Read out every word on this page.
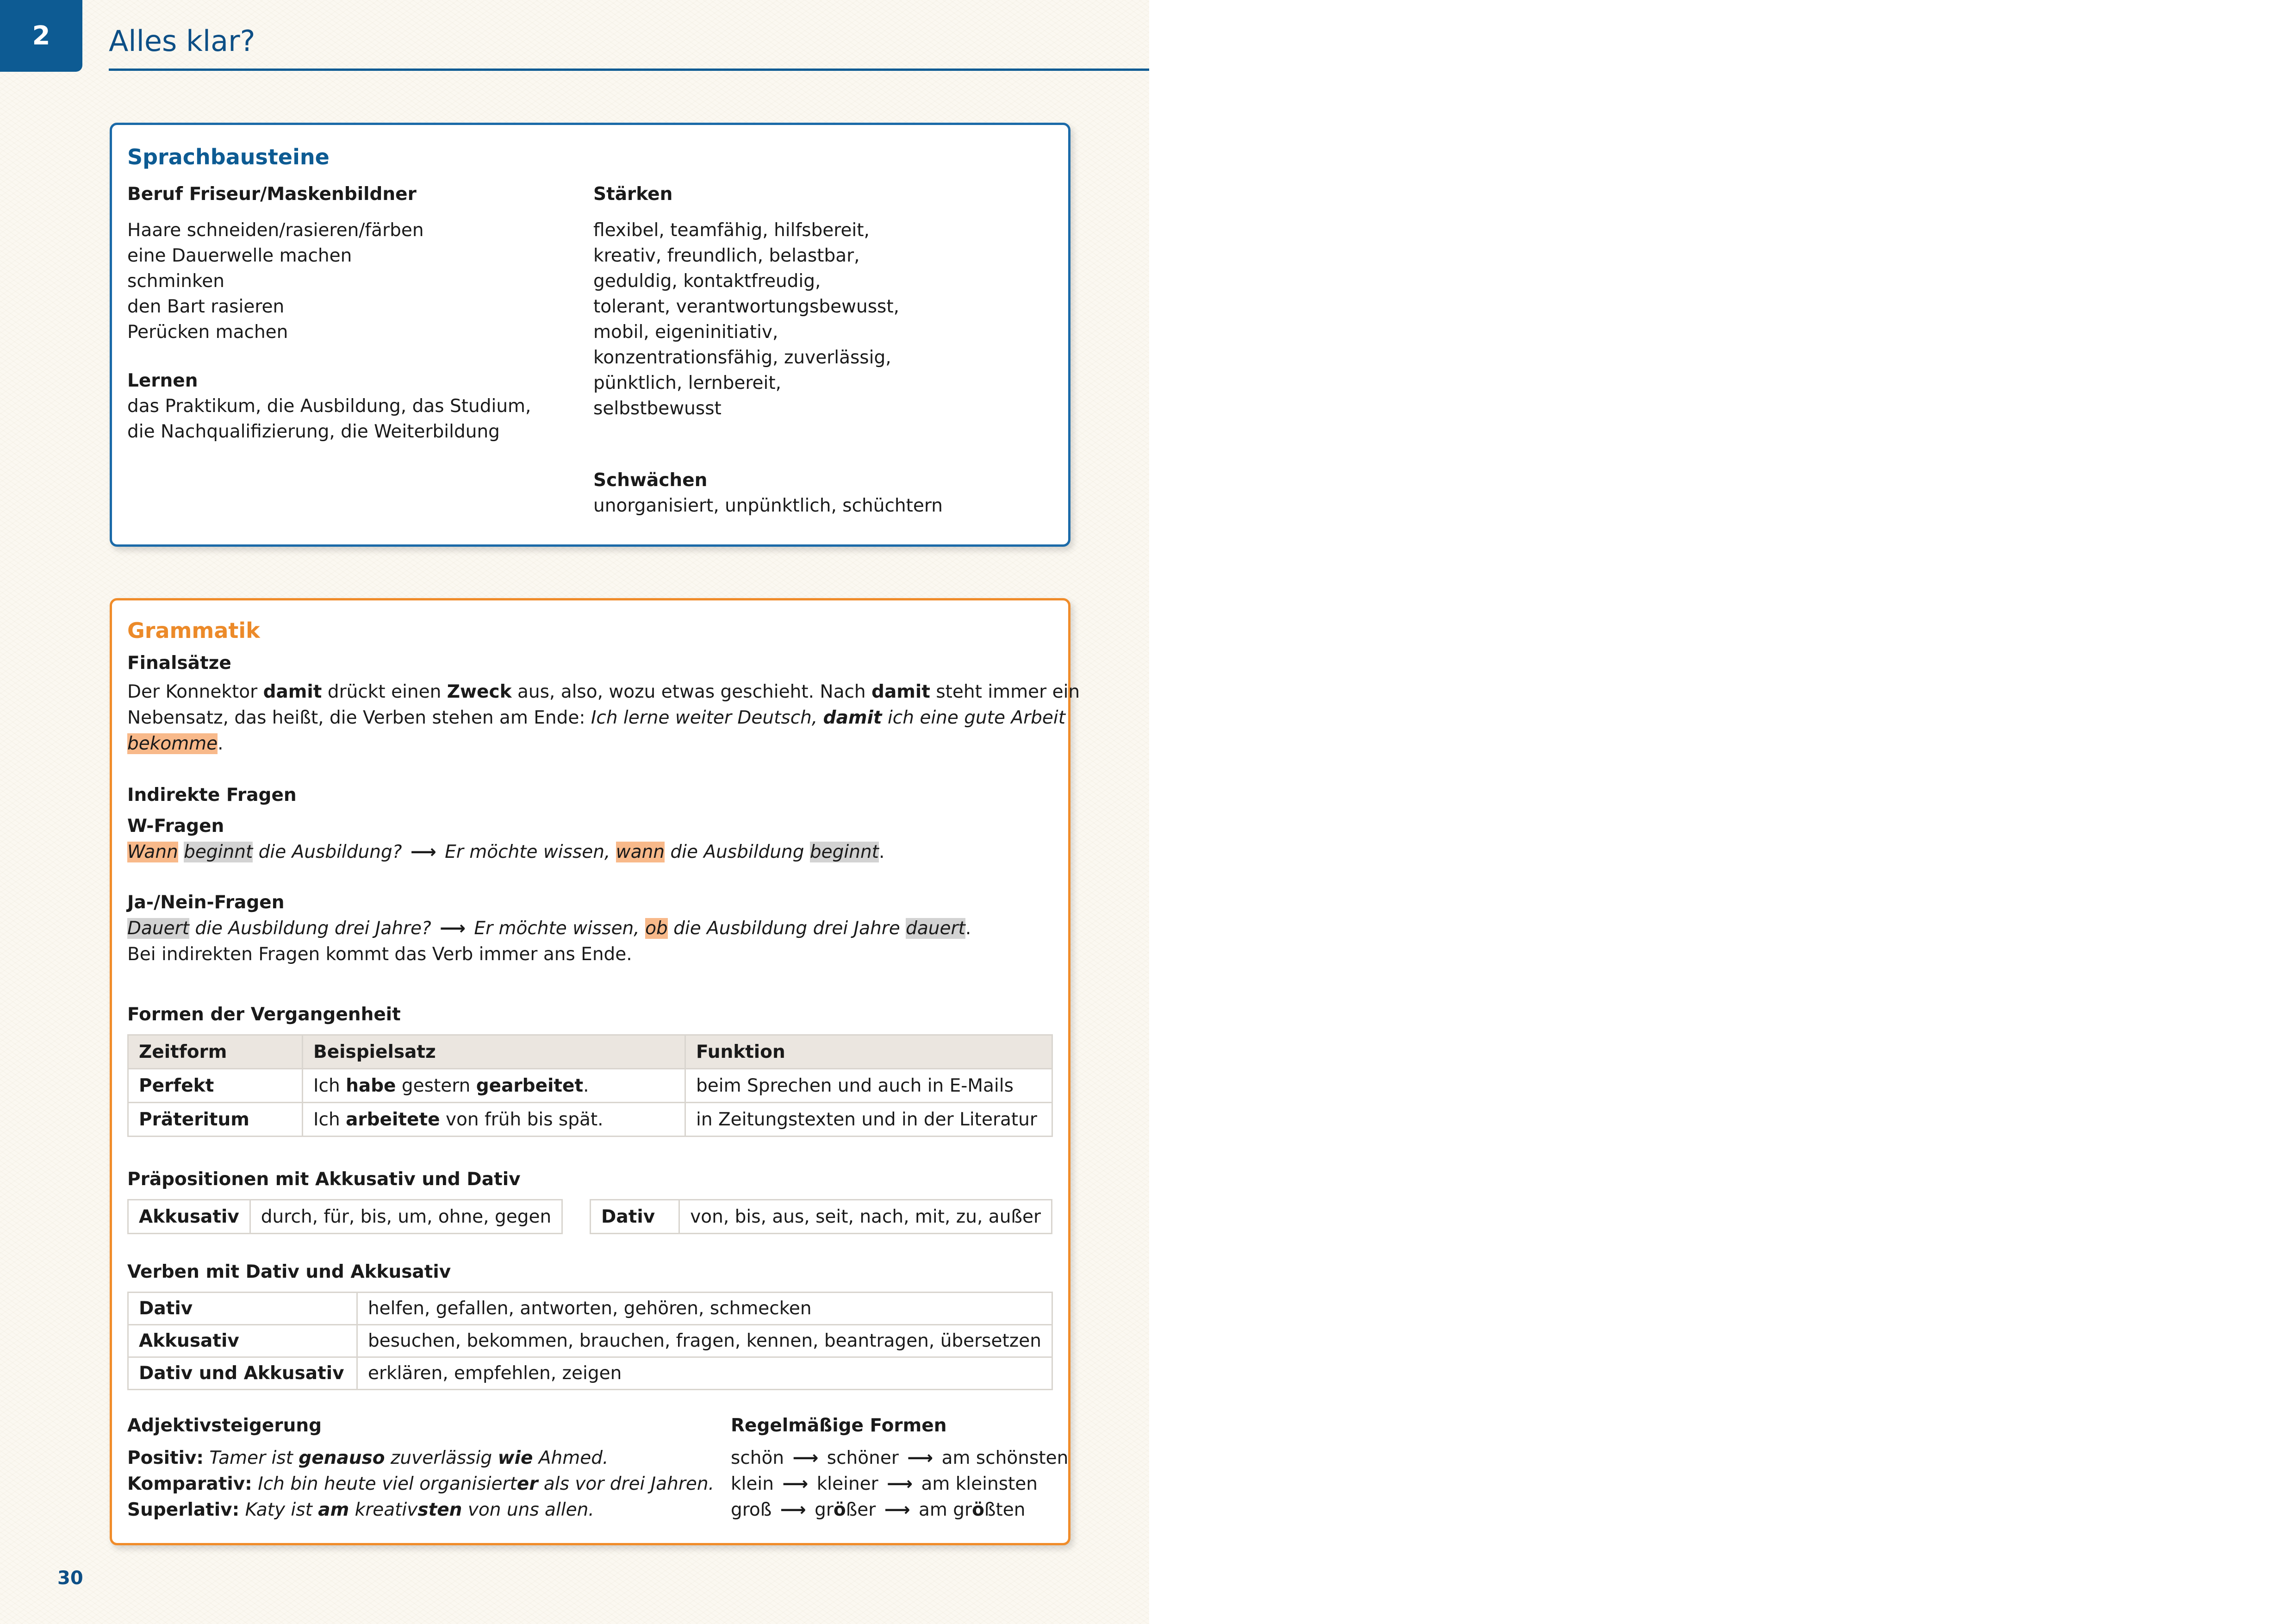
2 Alles klar?
Sprachbausteine
Beruf Friseur/Maskenbildner
Haare schneiden/rasieren/färben
eine Dauerwelle machen
schminken
den Bart rasieren
Perücken machen
Lernen
das Praktikum, die Ausbildung, das Studium,
die Nachqualifizierung, die Weiterbildung
Stärken
flexibel, teamfähig, hilfsbereit,
kreativ, freundlich, belastbar,
geduldig, kontaktfreudig,
tolerant, verantwortungsbewusst,
mobil, eigeninitiativ,
konzentrationsfähig, zuverlässig,
pünktlich, lernbereit,
selbstbewusst
Schwächen
unorganisiert, unpünktlich, schüchtern
Grammatik
Finalsätze
Der Konnektor damit drückt einen Zweck aus, also, wozu etwas geschieht. Nach damit steht immer ein
Nebensatz, das heißt, die Verben stehen am Ende: Ich lerne weiter Deutsch, damit ich eine gute Arbeit
bekomme.
Indirekte Fragen
W-Fragen
Wann beginnt die Ausbildung? ⟶ Er möchte wissen, wann die Ausbildung beginnt.
Ja-/Nein-Fragen
Dauert die Ausbildung drei Jahre? ⟶ Er möchte wissen, ob die Ausbildung drei Jahre dauert.
Bei indirekten Fragen kommt das Verb immer ans Ende.
Formen der Vergangenheit
Zeitform	Beispielsatz	Funktion
Perfekt	Ich habe gestern gearbeitet.	beim Sprechen und auch in E-Mails
Präteritum	Ich arbeitete von früh bis spät.	in Zeitungstexten und in der Literatur
Präpositionen mit Akkusativ und Dativ
Akkusativ	durch, für, bis, um, ohne, gegen	Dativ	von, bis, aus, seit, nach, mit, zu, außer
Verben mit Dativ und Akkusativ
Dativ	helfen, gefallen, antworten, gehören, schmecken
Akkusativ	besuchen, bekommen, brauchen, fragen, kennen, beantragen, übersetzen
Dativ und Akkusativ	erklären, empfehlen, zeigen
Adjektivsteigerung
Positiv: Tamer ist genauso zuverlässig wie Ahmed.
Komparativ: Ich bin heute viel organisierter als vor drei Jahren.
Superlativ: Katy ist am kreativsten von uns allen.
Regelmäßige Formen
schön ⟶ schöner ⟶ am schönsten
klein ⟶ kleiner ⟶ am kleinsten
groß ⟶ größer ⟶ am größten
30
